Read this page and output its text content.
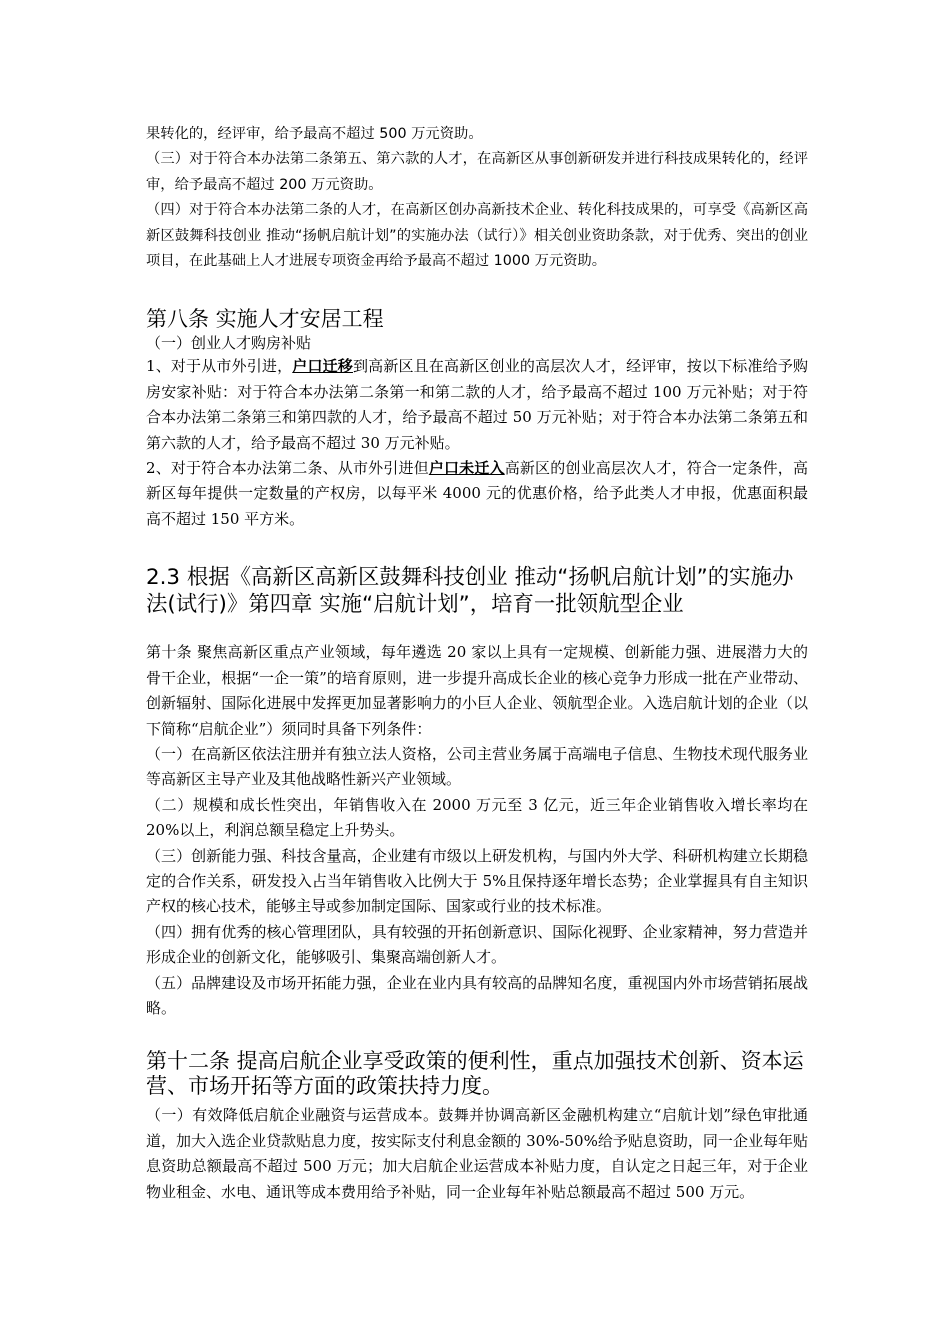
果转化的，经评审，给予最高不超过 500 万元资助。

（三）对于符合本办法第二条第五、第六款的人才，在高新区从事创新研发并进行科技成果转化的，经评审，给予最高不超过 200 万元资助。

（四）对于符合本办法第二条的人才，在高新区创办高新技术企业、转化科技成果的，可享受《高新区高新区鼓舞科技创业 推动“扬帆启航计划”的实施办法（试行）》相关创业资助条款，对于优秀、突出的创业项目，在此基础上人才进展专项资金再给予最高不超过 1000 万元资助。

第八条 实施人才安居工程

（一）创业人才购房补贴

1、对于从市外引进，户口迁移到高新区且在高新区创业的高层次人才，经评审，按以下标准给予购房安家补贴：对于符合本办法第二条第一和第二款的人才，给予最高不超过 100 万元补贴；对于符合本办法第二条第三和第四款的人才，给予最高不超过 50 万元补贴；对于符合本办法第二条第五和第六款的人才，给予最高不超过 30 万元补贴。

2、对于符合本办法第二条、从市外引进但户口未迁入高新区的创业高层次人才，符合一定条件，高新区每年提供一定数量的产权房，以每平米 4000 元的优惠价格，给予此类人才申报，优惠面积最高不超过 150 平方米。

2.3 根据《高新区高新区鼓舞科技创业 推动“扬帆启航计划”的实施办法(试行)》第四章 实施“启航计划”，培育一批领航型企业

第十条 聚焦高新区重点产业领域，每年遴选 20 家以上具有一定规模、创新能力强、进展潜力大的骨干企业，根据“一企一策”的培育原则，进一步提升高成长企业的核心竞争力形成一批在产业带动、创新辐射、国际化进展中发挥更加显著影响力的小巨人企业、领航型企业。入选启航计划的企业（以下简称“启航企业”）须同时具备下列条件：

（一）在高新区依法注册并有独立法人资格，公司主营业务属于高端电子信息、生物技术现代服务业等高新区主导产业及其他战略性新兴产业领域。

（二）规模和成长性突出，年销售收入在 2000 万元至 3 亿元，近三年企业销售收入增长率均在 20%以上，利润总额呈稳定上升势头。

（三）创新能力强、科技含量高，企业建有市级以上研发机构，与国内外大学、科研机构建立长期稳定的合作关系，研发投入占当年销售收入比例大于 5%且保持逐年增长态势；企业掌握具有自主知识产权的核心技术，能够主导或参加制定国际、国家或行业的技术标准。

（四）拥有优秀的核心管理团队，具有较强的开拓创新意识、国际化视野、企业家精神，努力营造并形成企业的创新文化，能够吸引、集聚高端创新人才。

（五）品牌建设及市场开拓能力强，企业在业内具有较高的品牌知名度，重视国内外市场营销拓展战略。

第十二条 提高启航企业享受政策的便利性，重点加强技术创新、资本运营、市场开拓等方面的政策扶持力度。

（一）有效降低启航企业融资与运营成本。鼓舞并协调高新区金融机构建立“启航计划”绿色审批通道，加大入选企业贷款贴息力度，按实际支付利息金额的 30%-50%给予贴息资助，同一企业每年贴息资助总额最高不超过 500 万元；加大启航企业运营成本补贴力度，自认定之日起三年，对于企业物业租金、水电、通讯等成本费用给予补贴，同一企业每年补贴总额最高不超过 500 万元。
